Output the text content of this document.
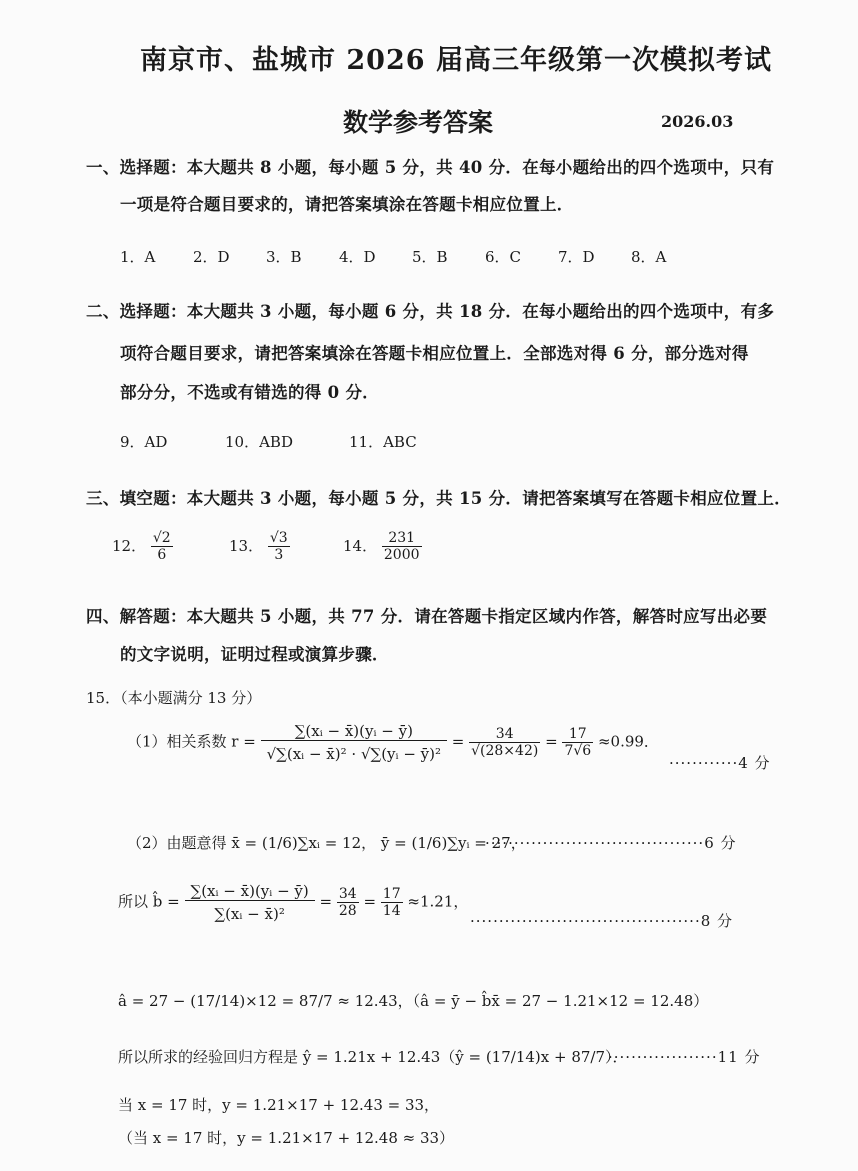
南京市、盐城市 2026 届高三年级第一次模拟考试
数学参考答案	2026.03
一、选择题：本大题共 8 小题，每小题 5 分，共 40 分．在每小题给出的四个选项中，只有
一项是符合题目要求的，请把答案填涂在答题卡相应位置上．
1．A	2．D 3．B 4．D 5．B 6．C 7．D 8．A
二、选择题：本大题共 3 小题，每小题 6 分，共 18 分．在每小题给出的四个选项中，有多
项符合题目要求，请把答案填涂在答题卡相应位置上．全部选对得 6 分，部分选对得
部分分，不选或有错选的得 0 分．
9．AD	10．ABD	11．ABC
三、填空题：本大题共 3 小题，每小题 5 分，共 15 分．请把答案填写在答题卡相应位置上．
12． $\frac{√2}{6}$	13． $\frac{√3}{3}$	14． $\frac{231}{2000}$
四、解答题：本大题共 5 小题，共 77 分．请在答题卡指定区域内作答，解答时应写出必要
的文字说明，证明过程或演算步骤．
15．（本小题满分 13 分）
（1）相关系数 $r = \frac{\text{∑(xᵢ − x̄)(yᵢ − ȳ)}}{\text{√∑(xᵢ − x̄)² · √∑(yᵢ − ȳ)²}} = \frac{34}{√(28\times 42)} = \frac{17}{7√6} \approx 0.99$．
············4 分
（2）由题意得 x̄ = (1/6)∑xᵢ = 12， ȳ = (1/6)∑yᵢ = 27，
······································6 分
所以 b̂ = $\frac{\text{∑(xᵢ − x̄)(yᵢ − ȳ)}}{\text{∑(xᵢ − x̄)²}} = \frac{34}{28} = \frac{17}{14} \approx 1.21$，
········································8 分
â = 27 − (17/14)×12 = 87/7 ≈ 12.43，（â = ȳ − b̂x̄ = 27 − 1.21×12 = 12.48）
所以所求的经验回归方程是 ŷ = 1.21x + 12.43（ŷ = (17/14)x + 87/7）．
···················11 分
当 x = 17 时，y = 1.21×17 + 12.43 = 33，
（当 x = 17 时，y = 1.21×17 + 12.48 ≈ 33）
